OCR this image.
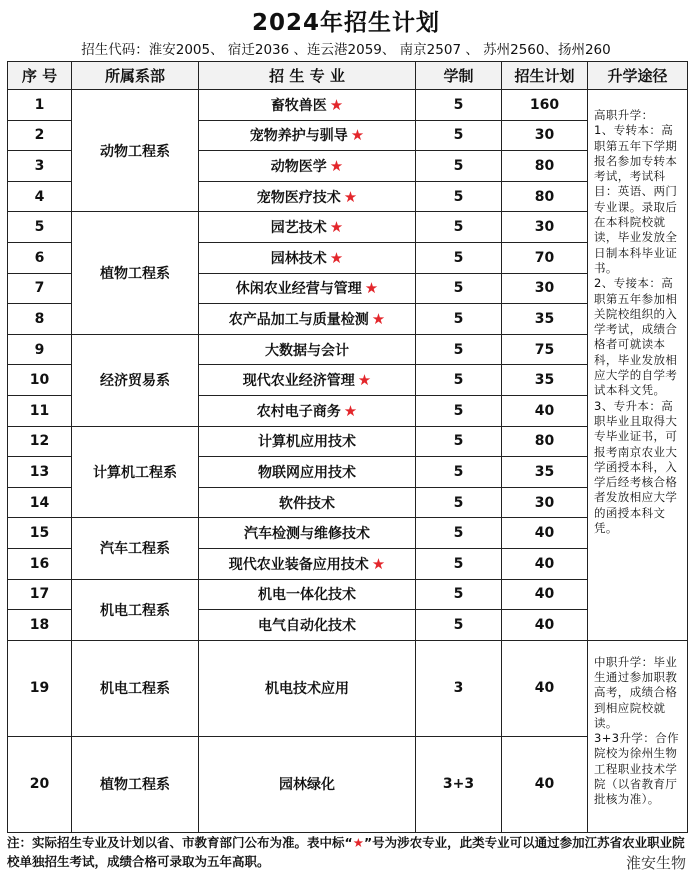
2024年招生计划
招生代码：淮安2005、 宿迁2036 、连云港2059、 南京2507 、 苏州2560、扬州260
序 号	所属系部	招 生 专 业	学制	招生计划	升学途径
1	动物工程系	畜牧兽医 ★	5	160	高职升学：
1、专转本：高职第五年下学期报名参加专转本考试，考试科目：英语、两门专业课。录取后在本科院校就读，毕业发放全日制本科毕业证书。
2、专接本：高职第五年参加相关院校组织的入学考试，成绩合格者可就读本科，毕业发放相应大学的自学考试本科文凭。
3、专升本：高职毕业且取得大专毕业证书，可报考南京农业大学函授本科，入学后经考核合格者发放相应大学的函授本科文凭。

2		宠物养护与驯导 ★	5	30	
3		动物医学 ★	5	80	
4		宠物医疗技术 ★	5	80	
5	植物工程系	园艺技术 ★	5	30	
6		园林技术 ★	5	70	
7		休闲农业经营与管理 ★	5	30	
8		农产品加工与质量检测 ★	5	35	
9	经济贸易系	大数据与会计	5	75	
10		现代农业经济管理 ★	5	35	
11		农村电子商务 ★	5	40	
12	计算机工程系	计算机应用技术	5	80	
13		物联网应用技术	5	35	
14		软件技术	5	30	
15	汽车工程系	汽车检测与维修技术	5	40	
16		现代农业装备应用技术 ★	5	40	
17	机电工程系	机电一体化技术	5	40	
18		电气自动化技术	5	40	
19	机电工程系	机电技术应用	3	40	中职升学：毕业生通过参加职教高考，成绩合格到相应院校就读。
3+3升学：合作院校为徐州生物工程职业技术学院（以省教育厅批核为准）。

20	植物工程系	园林绿化	3+3	40	
注：实际招生专业及计划以省、市教育部门公布为准。表中标“★”号为涉农专业，此类专业可以通过参加江苏省农业职业院校单独招生考试，成绩合格可录取为五年高职。	淮安生物
